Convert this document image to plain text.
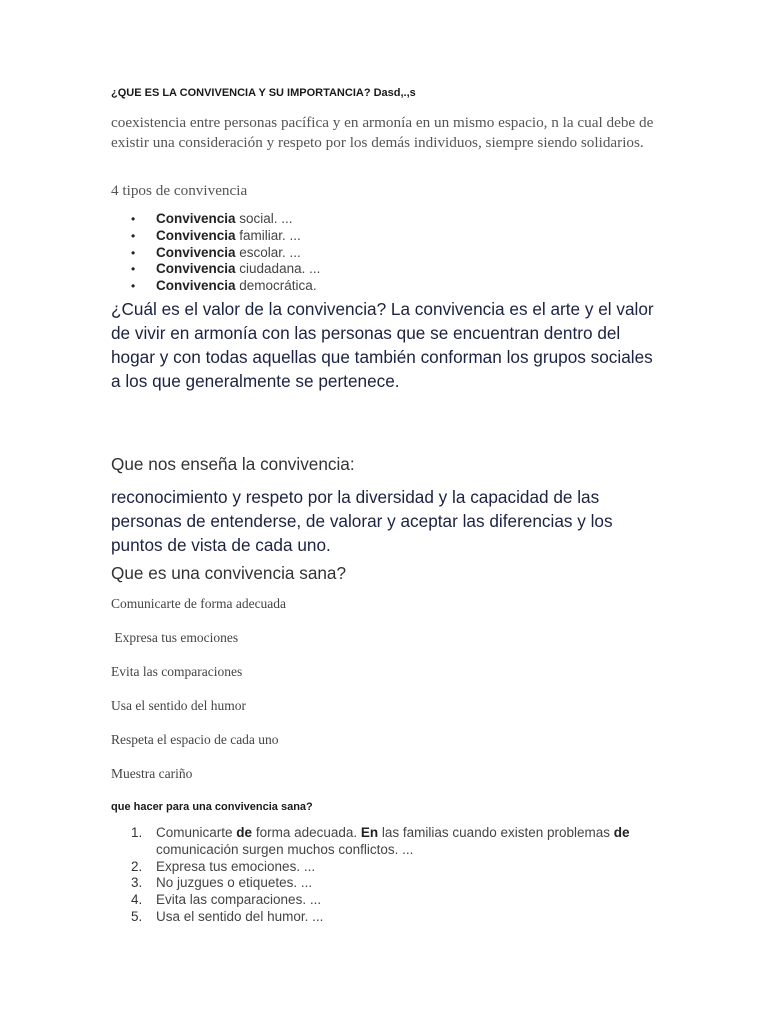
¿QUE ES LA CONVIVENCIA Y SU IMPORTANCIA? Dasd,.,s

coexistencia entre personas pacífica y en armonía en un mismo espacio, n la cual debe de existir una consideración y respeto por los demás individuos, siempre siendo solidarios.

4 tipos de convivencia

• Convivencia social. ...
• Convivencia familiar. ...
• Convivencia escolar. ...
• Convivencia ciudadana. ...
• Convivencia democrática.

¿Cuál es el valor de la convivencia? La convivencia es el arte y el valor de vivir en armonía con las personas que se encuentran dentro del hogar y con todas aquellas que también conforman los grupos sociales a los que generalmente se pertenece.

Que nos enseña la convivencia:

reconocimiento y respeto por la diversidad y la capacidad de las personas de entenderse, de valorar y aceptar las diferencias y los puntos de vista de cada uno.

Que es una convivencia sana?

Comunicarte de forma adecuada

Expresa tus emociones

Evita las comparaciones

Usa el sentido del humor

Respeta el espacio de cada uno

Muestra cariño

que hacer para una convivencia sana?

1. Comunicarte de forma adecuada. En las familias cuando existen problemas de comunicación surgen muchos conflictos. ...
2. Expresa tus emociones. ...
3. No juzgues o etiquetes. ...
4. Evita las comparaciones. ...
5. Usa el sentido del humor. ...
